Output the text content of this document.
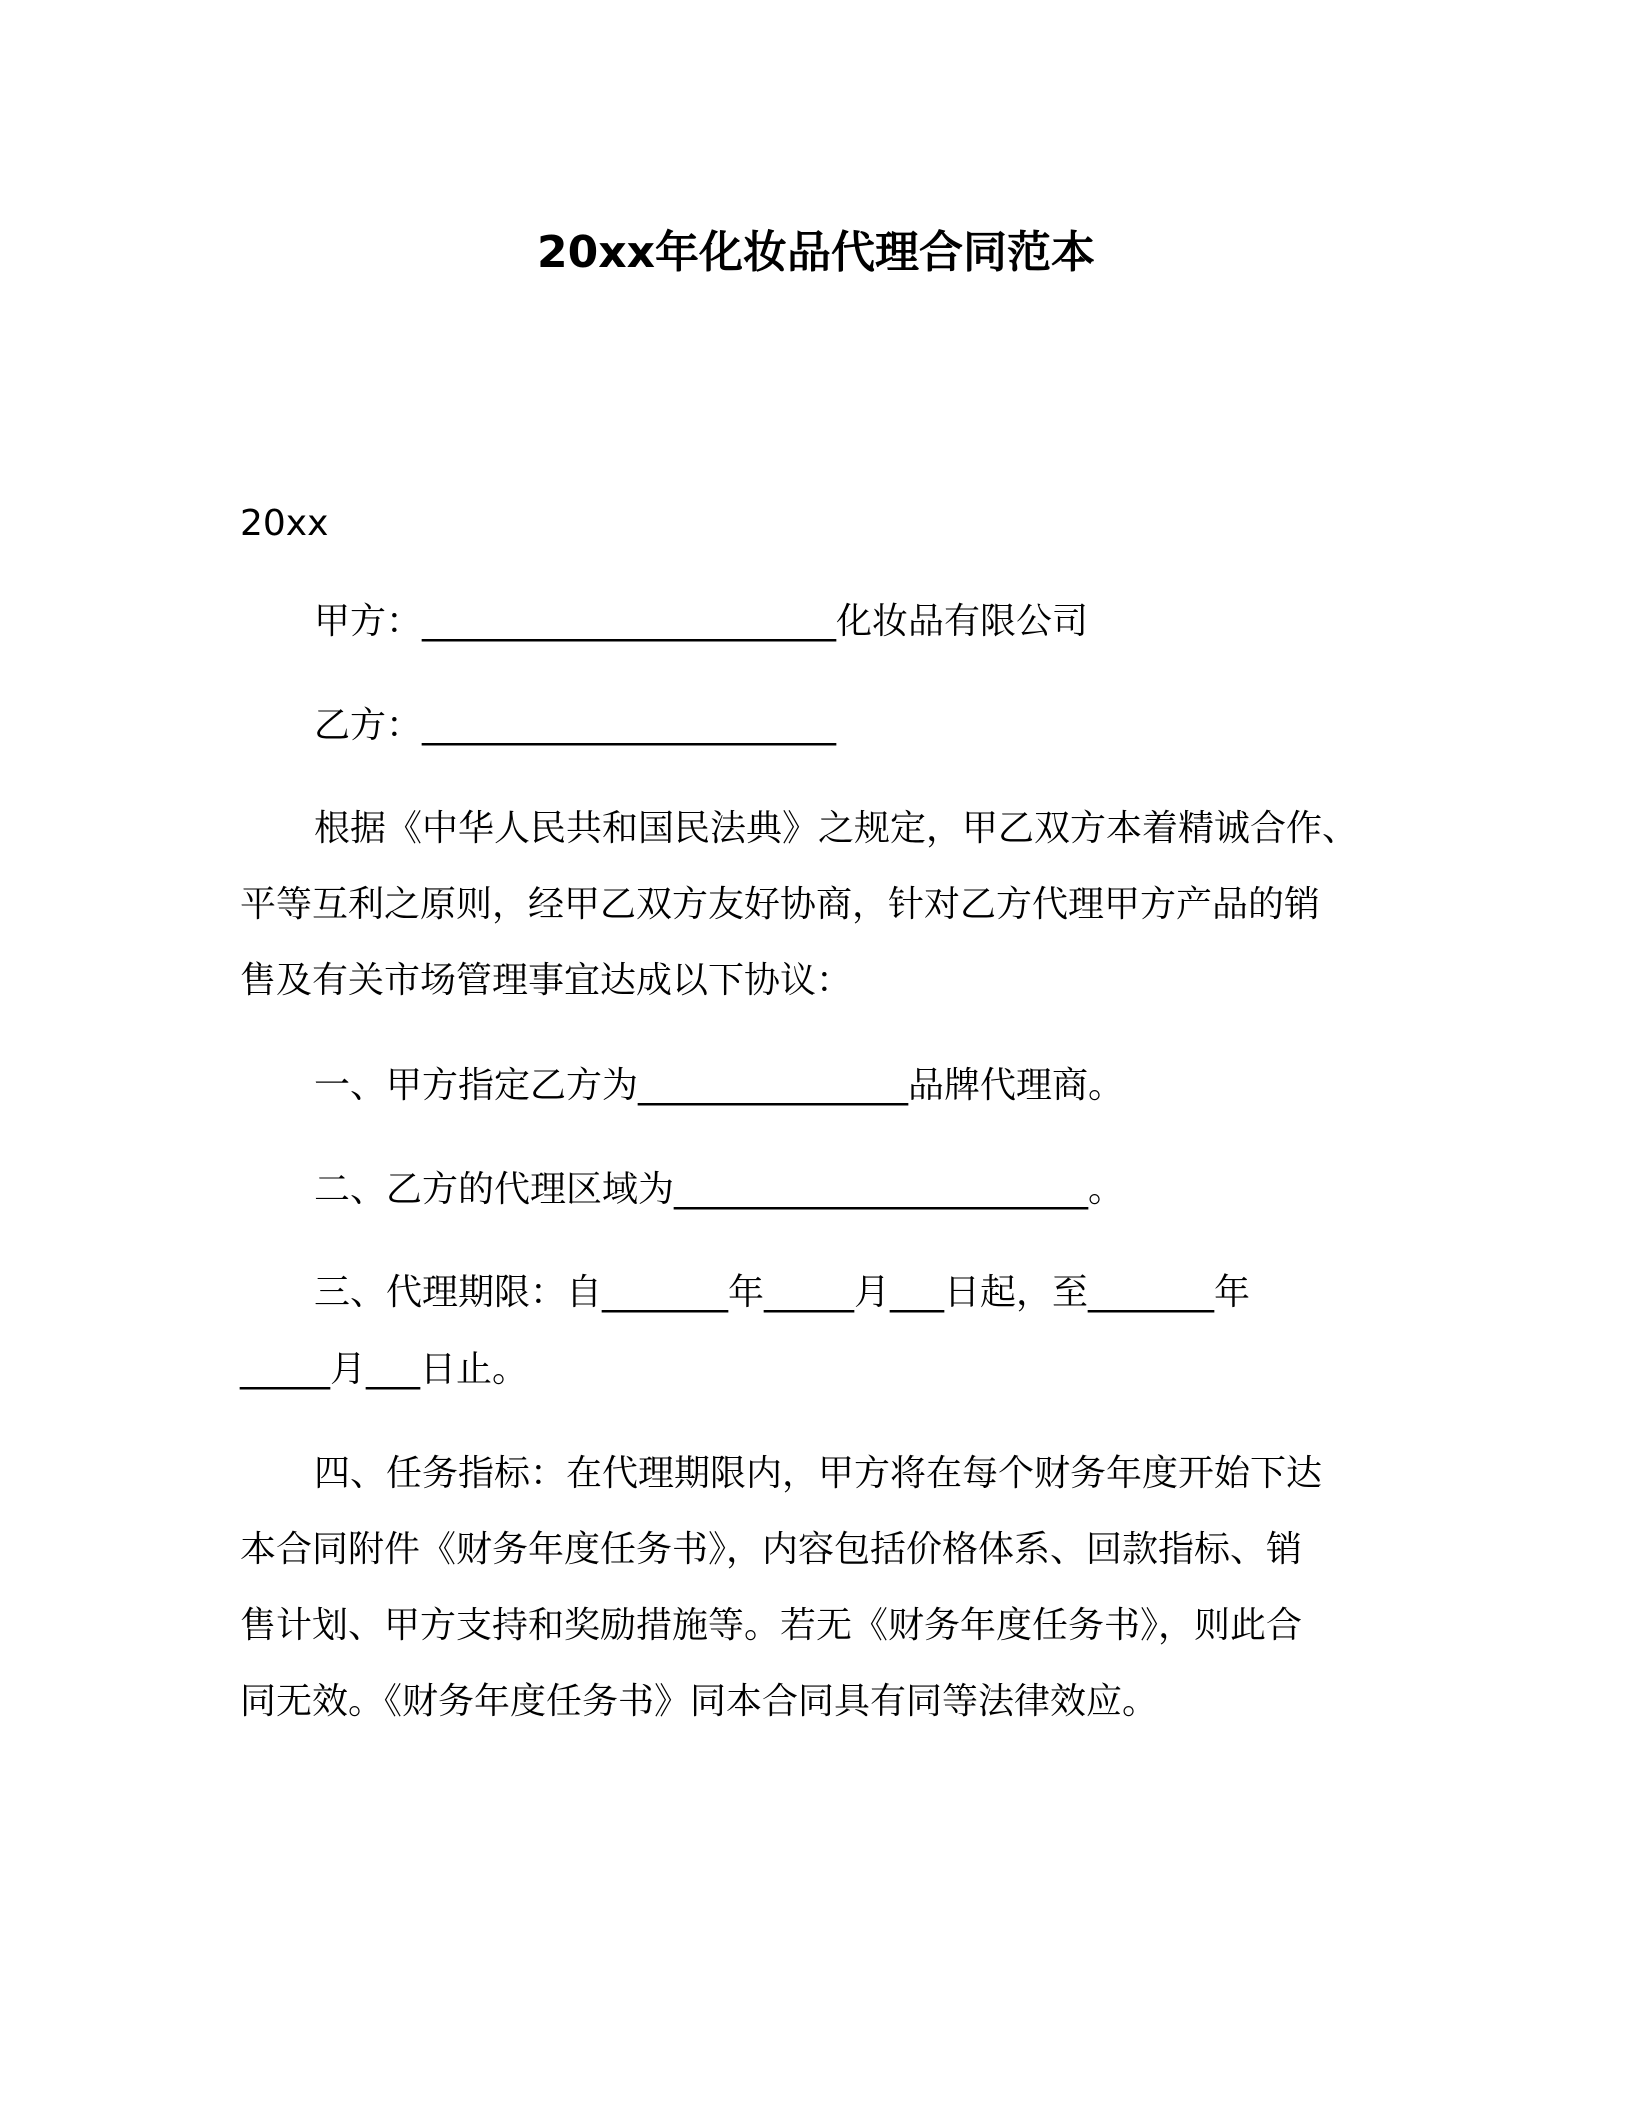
20xx年化妆品代理合同范本
20xx
甲方：_______________________化妆品有限公司
乙方：_______________________
根据《中华人民共和国民法典》之规定，甲乙双方本着精诚合作、
平等互利之原则，经甲乙双方友好协商，针对乙方代理甲方产品的销
售及有关市场管理事宜达成以下协议：
一、甲方指定乙方为_______________品牌代理商。
二、乙方的代理区域为_______________________。
三、代理期限：自_______年_____月___日起，至_______年
_____月___日止。
四、任务指标：在代理期限内，甲方将在每个财务年度开始下达
本合同附件《财务年度任务书》，内容包括价格体系、回款指标、销
售计划、甲方支持和奖励措施等。若无《财务年度任务书》，则此合
同无效。《财务年度任务书》同本合同具有同等法律效应。
